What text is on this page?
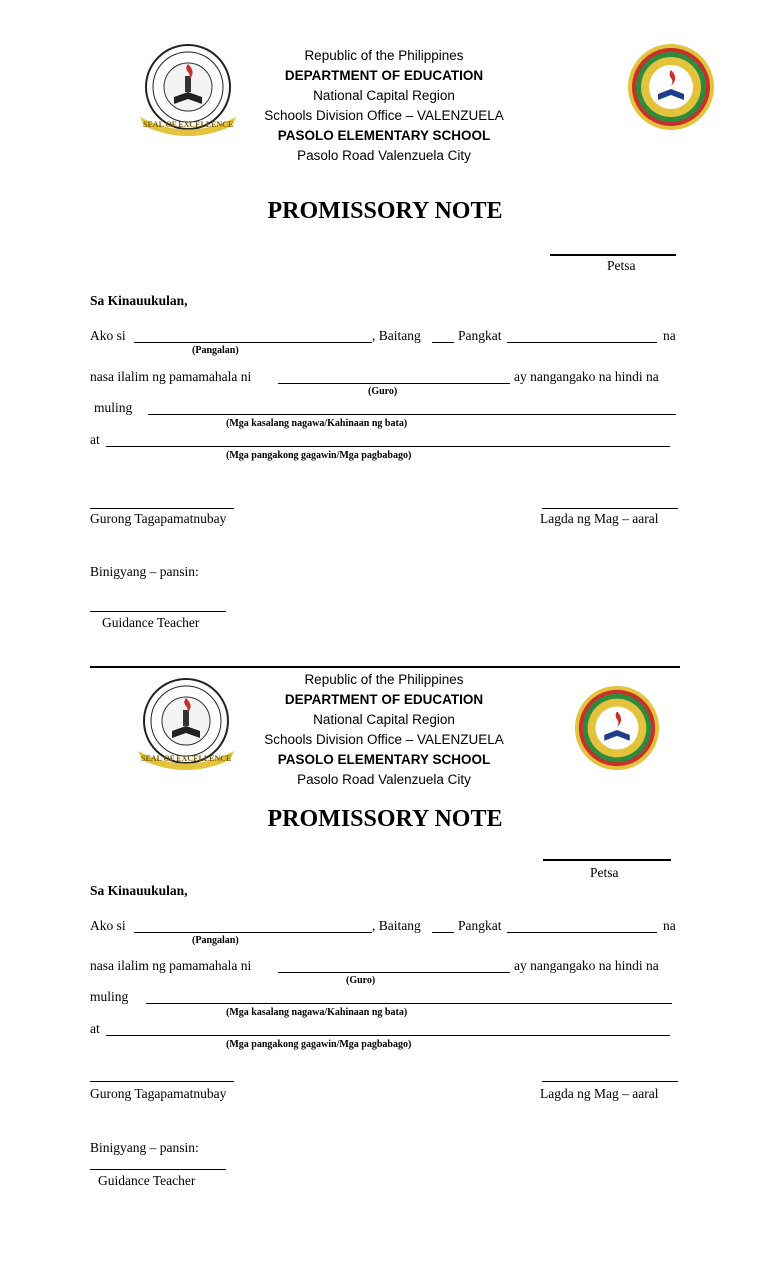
SEAL OF EXCELLENCE
Republic of the Philippines
DEPARTMENT OF EDUCATION
National Capital Region
Schools Division Office – VALENZUELA
PASOLO ELEMENTARY SCHOOL
Pasolo Road Valenzuela City
PROMISSORY NOTE
Petsa
Sa Kinauukulan,
Ako si	, Baitang	Pangkat	na
(Pangalan)
nasa ilalim ng pamamahala ni	ay nangangako na hindi na
(Guro)
muling
(Mga kasalang nagawa/Kahinaan ng bata)
at
(Mga pangakong gagawin/Mga pagbabago)
Gurong Tagapamatnubay	Lagda ng Mag – aaral
Binigyang – pansin:
Guidance Teacher
SEAL OF EXCELLENCE
Republic of the Philippines
DEPARTMENT OF EDUCATION
National Capital Region
Schools Division Office – VALENZUELA
PASOLO ELEMENTARY SCHOOL
Pasolo Road Valenzuela City
PROMISSORY NOTE
Petsa
Sa Kinauukulan,
Ako si	, Baitang	Pangkat	na
(Pangalan)
nasa ilalim ng pamamahala ni	ay nangangako na hindi na
(Guro)
muling
(Mga kasalang nagawa/Kahinaan ng bata)
at
(Mga pangakong gagawin/Mga pagbabago)
Gurong Tagapamatnubay	Lagda ng Mag – aaral
Binigyang – pansin:
Guidance Teacher
